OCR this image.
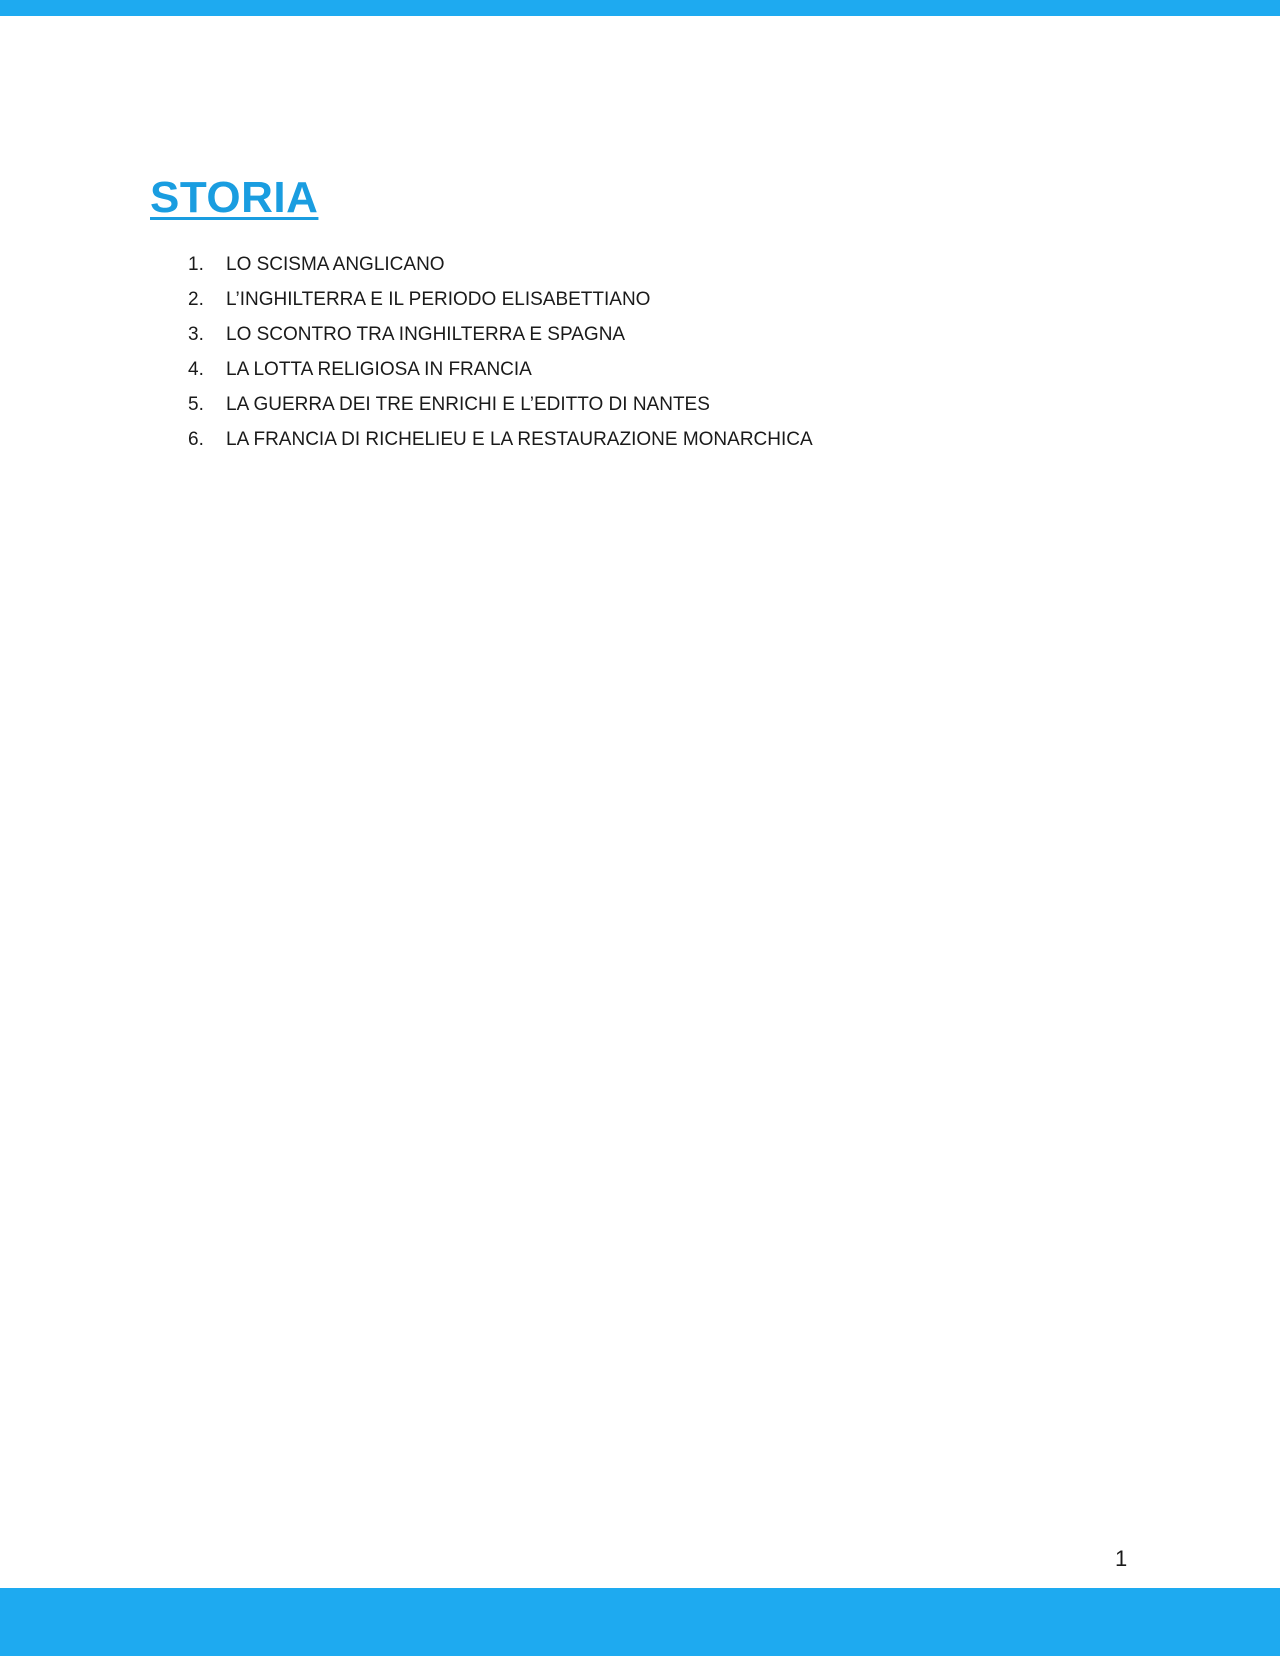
STORIA
1.	LO SCISMA ANGLICANO
2.	L’INGHILTERRA E IL PERIODO ELISABETTIANO
3.	LO SCONTRO TRA INGHILTERRA E SPAGNA
4.	LA LOTTA RELIGIOSA IN FRANCIA
5.	LA GUERRA DEI TRE ENRICHI E L’EDITTO DI NANTES
6.	LA FRANCIA DI RICHELIEU E LA RESTAURAZIONE MONARCHICA
1
